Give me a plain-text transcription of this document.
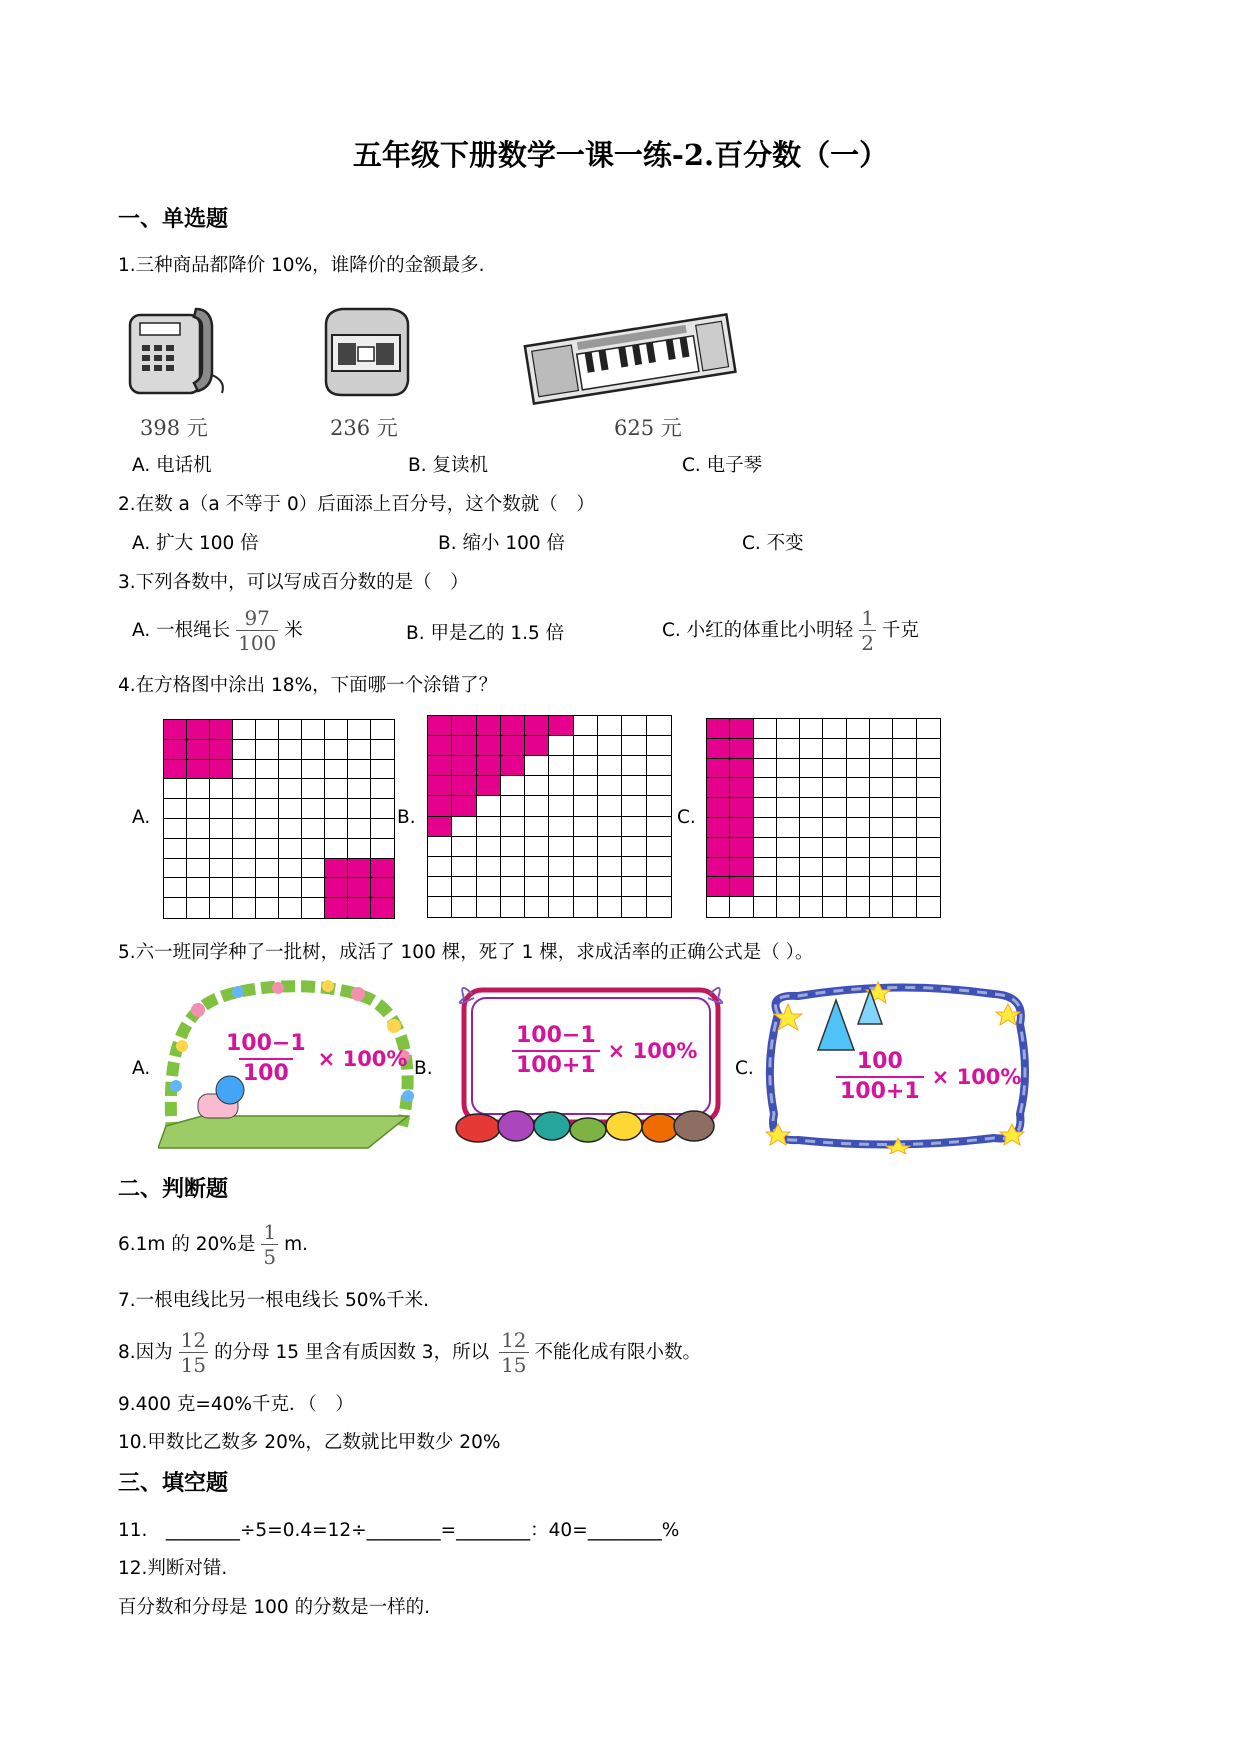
五年级下册数学一课一练-2.百分数（一）
一、单选题
1.三种商品都降价 10%，谁降价的金额最多.
398 元	236 元	625 元
A. 电话机	B. 复读机	C. 电子琴
2.在数 a（a 不等于 0）后面添上百分号，这个数就（　）
A. 扩大 100 倍	B. 缩小 100 倍	C. 不变
3.下列各数中，可以写成百分数的是（　）
A. 一根绳长 $\frac{97}{100}$ 米	B. 甲是乙的 1.5 倍	C. 小红的体重比小明轻 $\frac{1}{2}$ 千克
4.在方格图中涂出 18%，下面哪一个涂错了？
A.	B.	C.
5.六一班同学种了一批树，成活了 100 棵，死了 1 棵，求成活率的正确公式是（ ）。
A.	B.	C.
$\frac{100-1}{100} \times 100\%$	$\frac{100-1}{100+1} \times 100\%$	$\frac{100}{100+1} \times 100\%$
二、判断题
6.1m 的 20%是 $\frac{1}{5} m$.
7.一根电线比另一根电线长 50%千米.
8.因为 $\frac{12}{15}$ 的分母 15 里含有质因数 3，所以 $\frac{12}{15}$ 不能化成有限小数。
9.400 克=40%千克．（　）
10.甲数比乙数多 20%，乙数就比甲数少 20%
三、填空题
11.　________÷5=0.4=12÷________=________：40=________%
12.判断对错.
百分数和分母是 100 的分数是一样的.
